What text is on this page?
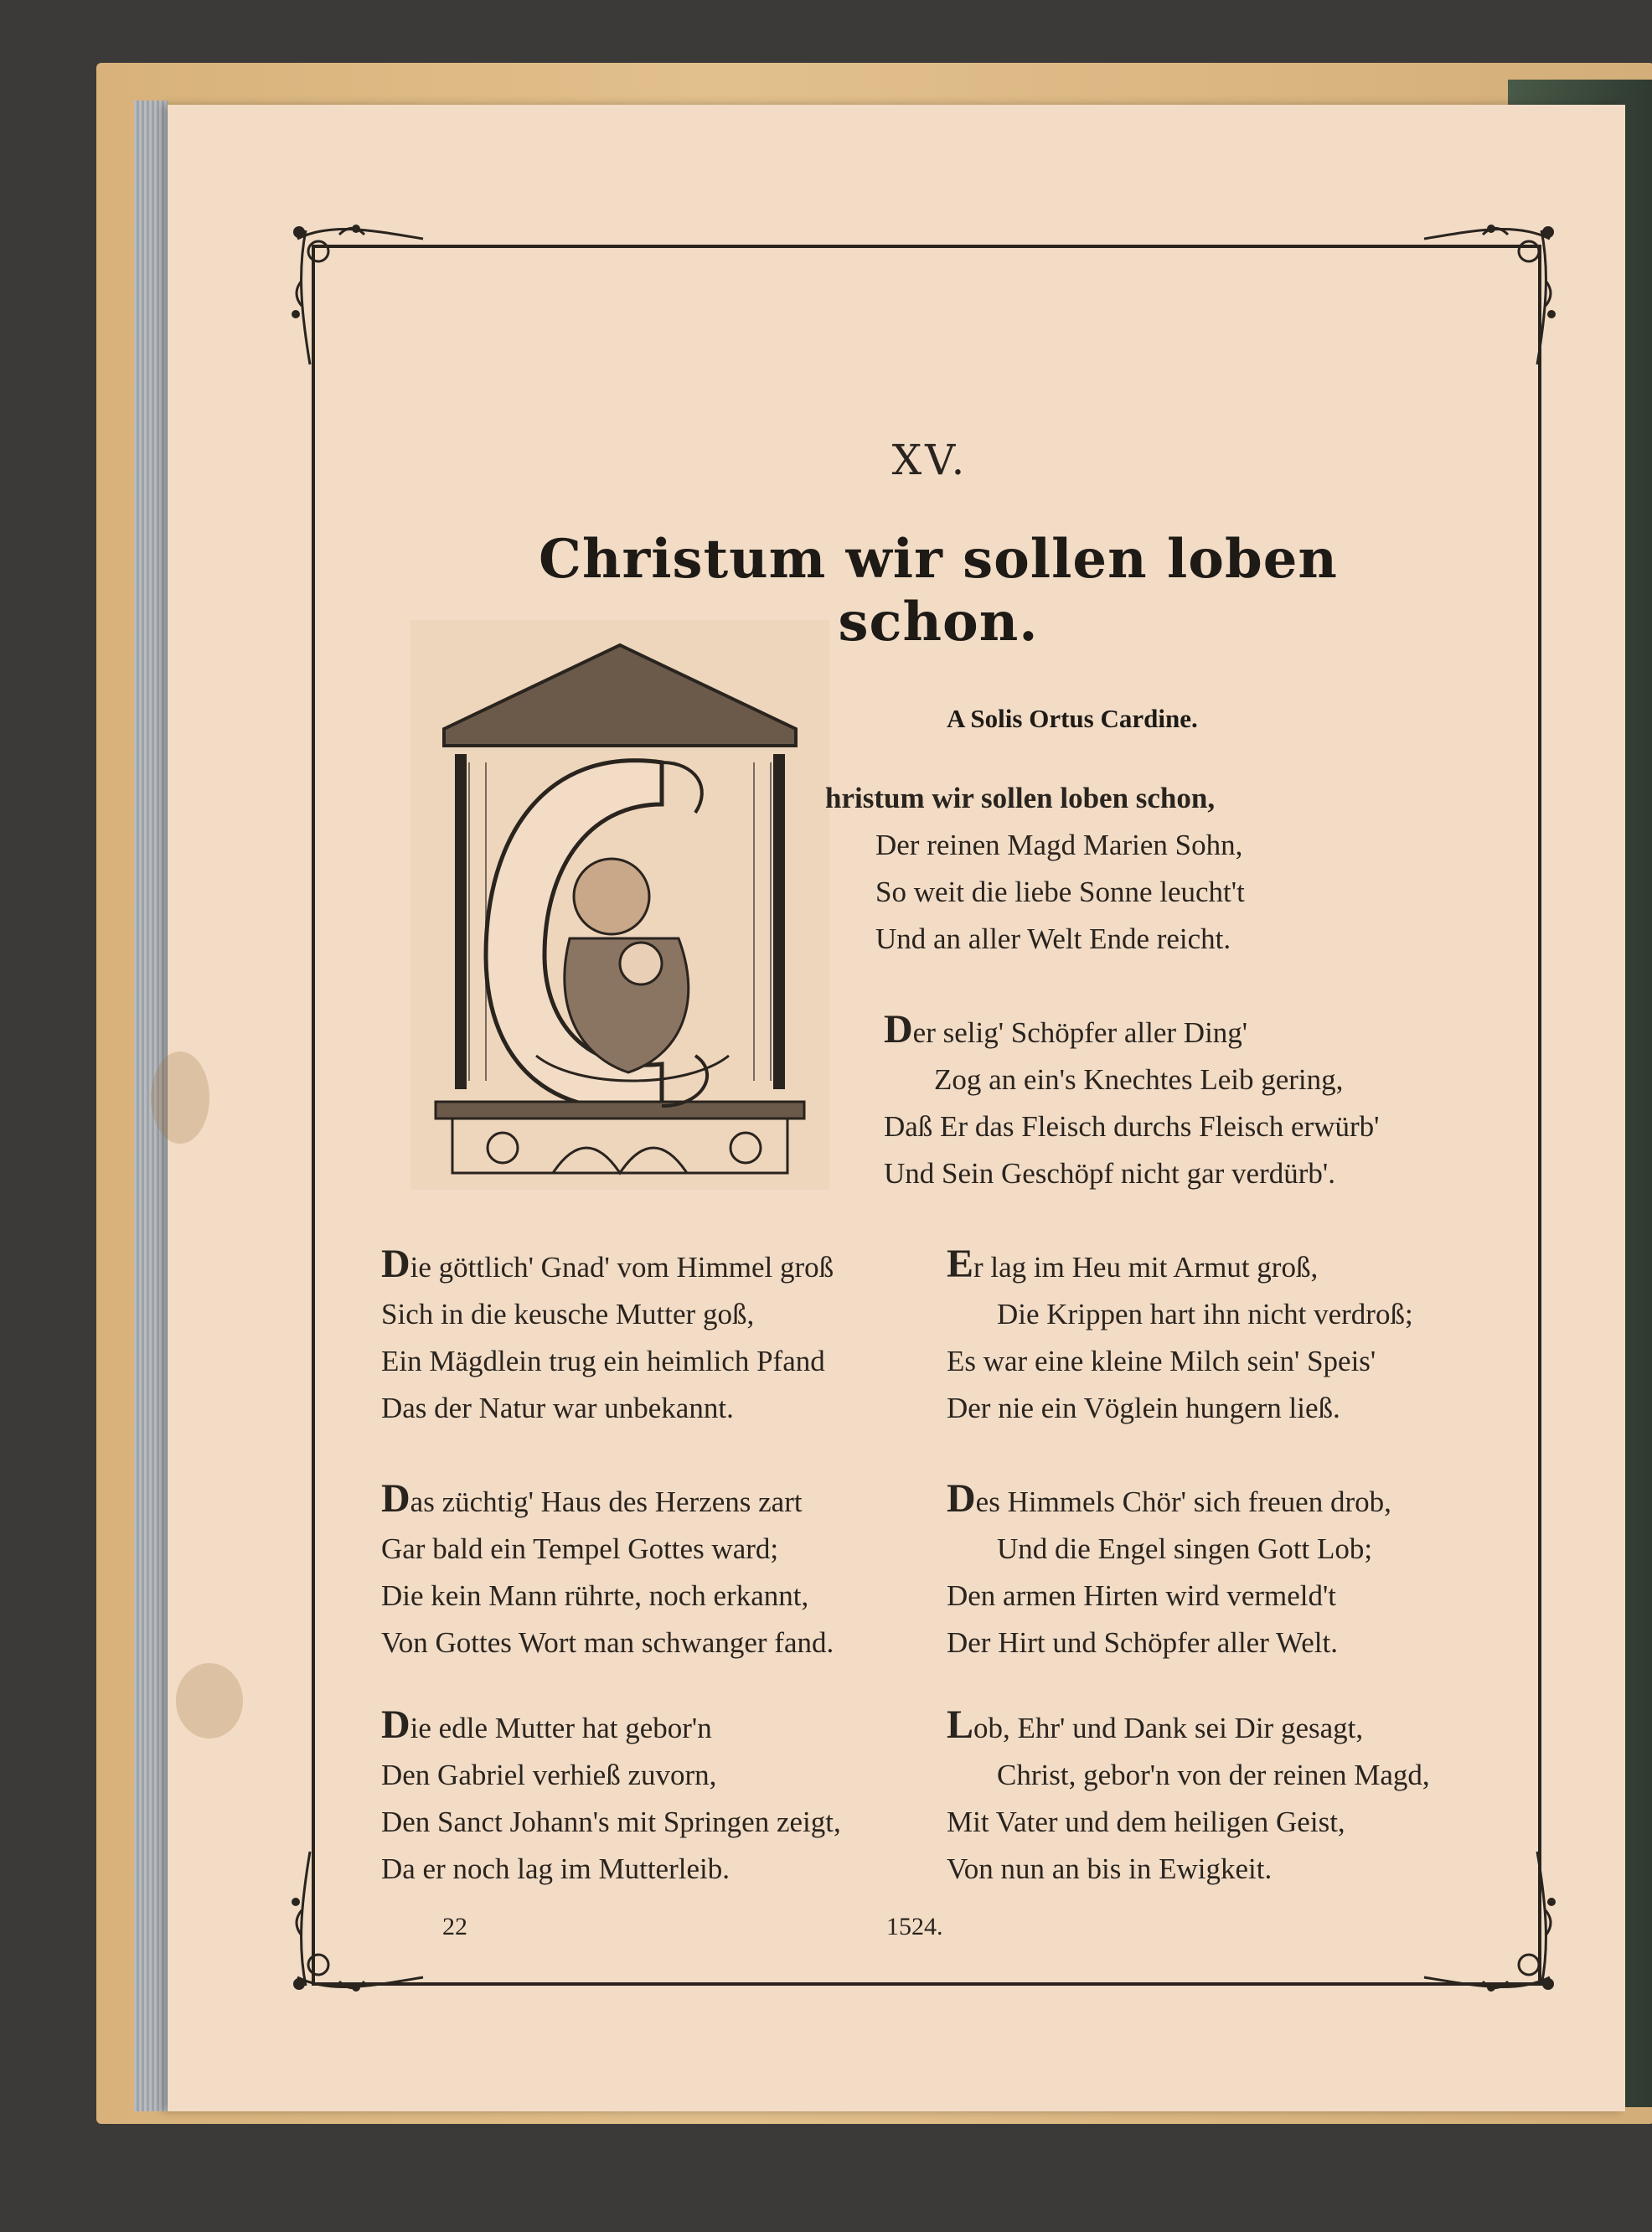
XV.
Christum wir sollen loben schon.
A Solis Ortus Cardine.
hristum wir sollen loben schon,
Der reinen Magd Marien Sohn,
So weit die liebe Sonne leucht't
Und an aller Welt Ende reicht.
Der selig' Schöpfer aller Ding'
Zog an ein's Knechtes Leib gering,
Daß Er das Fleisch durchs Fleisch erwürb'
Und Sein Geschöpf nicht gar verdürb'.
Die göttlich' Gnad' vom Himmel groß
Sich in die keusche Mutter goß,
Ein Mägdlein trug ein heimlich Pfand
Das der Natur war unbekannt.
Er lag im Heu mit Armut groß,
Die Krippen hart ihn nicht verdroß;
Es war eine kleine Milch sein' Speis'
Der nie ein Vöglein hungern ließ.
Das züchtig' Haus des Herzens zart
Gar bald ein Tempel Gottes ward;
Die kein Mann rührte, noch erkannt,
Von Gottes Wort man schwanger fand.
Des Himmels Chör' sich freuen drob,
Und die Engel singen Gott Lob;
Den armen Hirten wird vermeld't
Der Hirt und Schöpfer aller Welt.
Die edle Mutter hat gebor'n
Den Gabriel verhieß zuvorn,
Den Sanct Johann's mit Springen zeigt,
Da er noch lag im Mutterleib.
Lob, Ehr' und Dank sei Dir gesagt,
Christ, gebor'n von der reinen Magd,
Mit Vater und dem heiligen Geist,
Von nun an bis in Ewigkeit.
22	1524.
